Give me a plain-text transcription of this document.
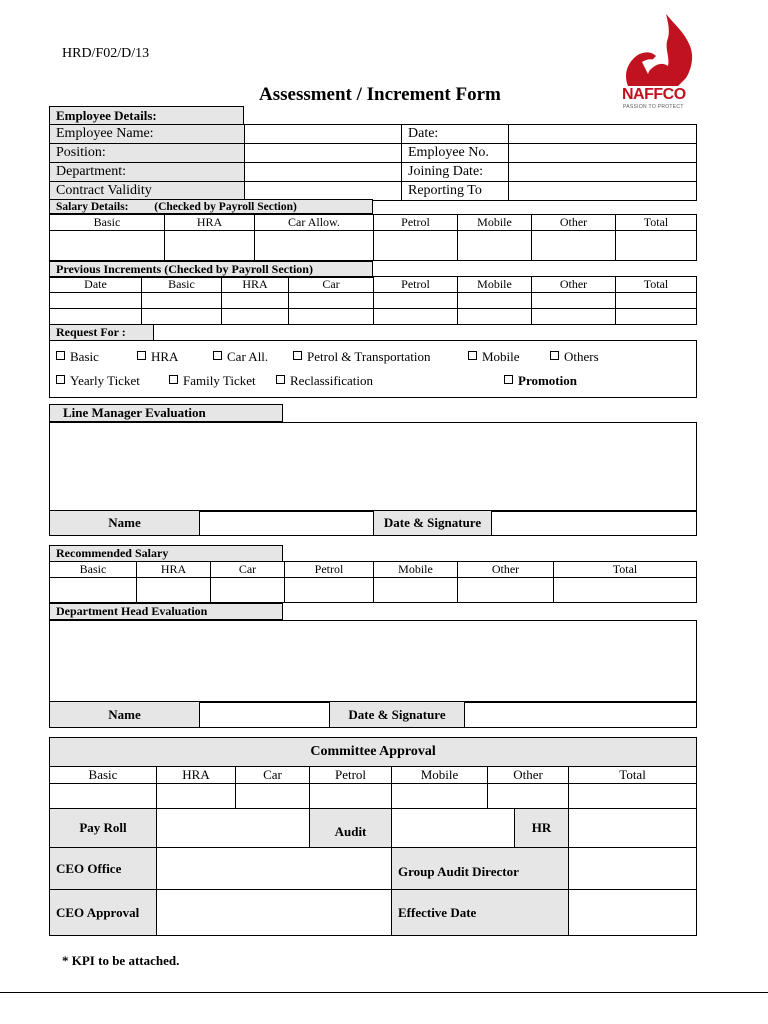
HRD/F02/D/13
Assessment / Increment Form	NAFFCO
PASSION TO PROTECT
Employee Details:
Employee Name:		Date:	
Position:		Employee No.	
Department:		Joining Date:	
Contract Validity		Reporting To	
Salary Details: (Checked by Payroll Section)
Basic	HRA	Car Allow.	Petrol	Mobile	Other	Total

Previous Increments (Checked by Payroll Section)
Date	Basic	HRA	Car	Petrol	Mobile	Other	Total

Request For :
Basic	HRA	Car All.	Petrol & Transportation	Mobile	Others
Yearly Ticket	Family Ticket	Reclassification	Promotion
Line Manager Evaluation
Name		Date & Signature	
Recommended Salary
Basic	HRA	Car	Petrol	Mobile	Other	Total

Department Head Evaluation
Name		Date & Signature	
Committee Approval						
Basic	HRA	Car	Petrol	Mobile	Other	Total

Pay Roll		Audit		HR	
CEO Office		Group Audit Director	
CEO Approval		Effective Date	
* KPI to be attached.
